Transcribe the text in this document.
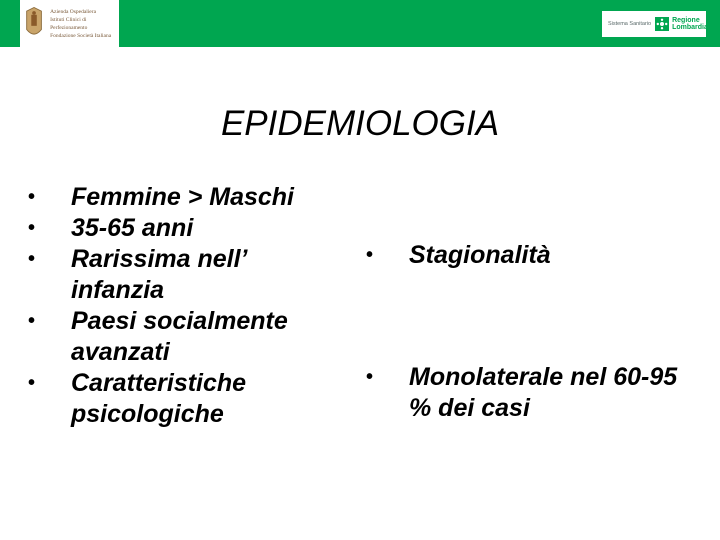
Azienda Ospedaliera
Istituti Clinici di Perfezionamento
Fondazione Società Italiana
Sistema Sanitario	Regione
Lombardia
EPIDEMIOLOGIA
• Femmine > Maschi
• 35-65 anni
• Rarissima nell’ infanzia
• Paesi socialmente avanzati
• Caratteristiche psicologiche
• Stagionalità
• Monolaterale nel 60-95 % dei casi
